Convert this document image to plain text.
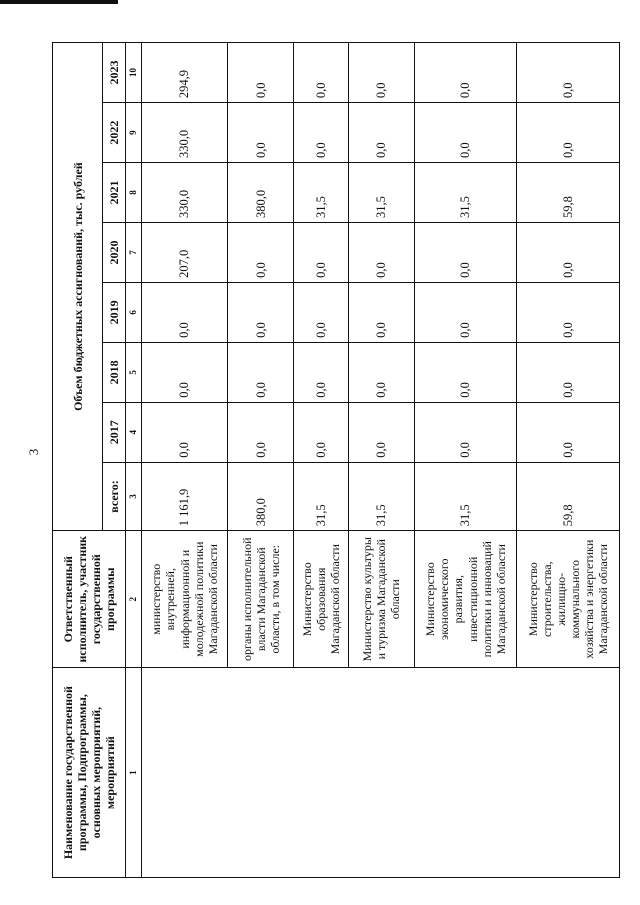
3
Наименование государственной программы, Подпрограммы, основных мероприятий, мероприятий	Ответственный исполнитель, участник государственной программы	Объем бюджетных ассигнований, тыс. рублей							
		всего:	2017	2018	2019	2020	2021	2022	2023
1	2	3	4	5	6	7	8	9	10
	министерство внутренней, информационной и молодежной политики Магаданской области	1 161,9	0,0	0,0	0,0	207,0	330,0	330,0	294,9
	органы исполнительной власти Магаданской области, в том числе:	380,0	0,0	0,0	0,0	0,0	380,0	0,0	0,0
	Министерство образования Магаданской области	31,5	0,0	0,0	0,0	0,0	31,5	0,0	0,0
	Министерство культуры и туризма Магаданской области	31,5	0,0	0,0	0,0	0,0	31,5	0,0	0,0
	Министерство экономического развития, инвестиционной политики и инноваций Магаданской области	31,5	0,0	0,0	0,0	0,0	31,5	0,0	0,0
	Министерство строительства, жилищно-коммунального хозяйства и энергетики Магаданской области	59,8	0,0	0,0	0,0	0,0	59,8	0,0	0,0
